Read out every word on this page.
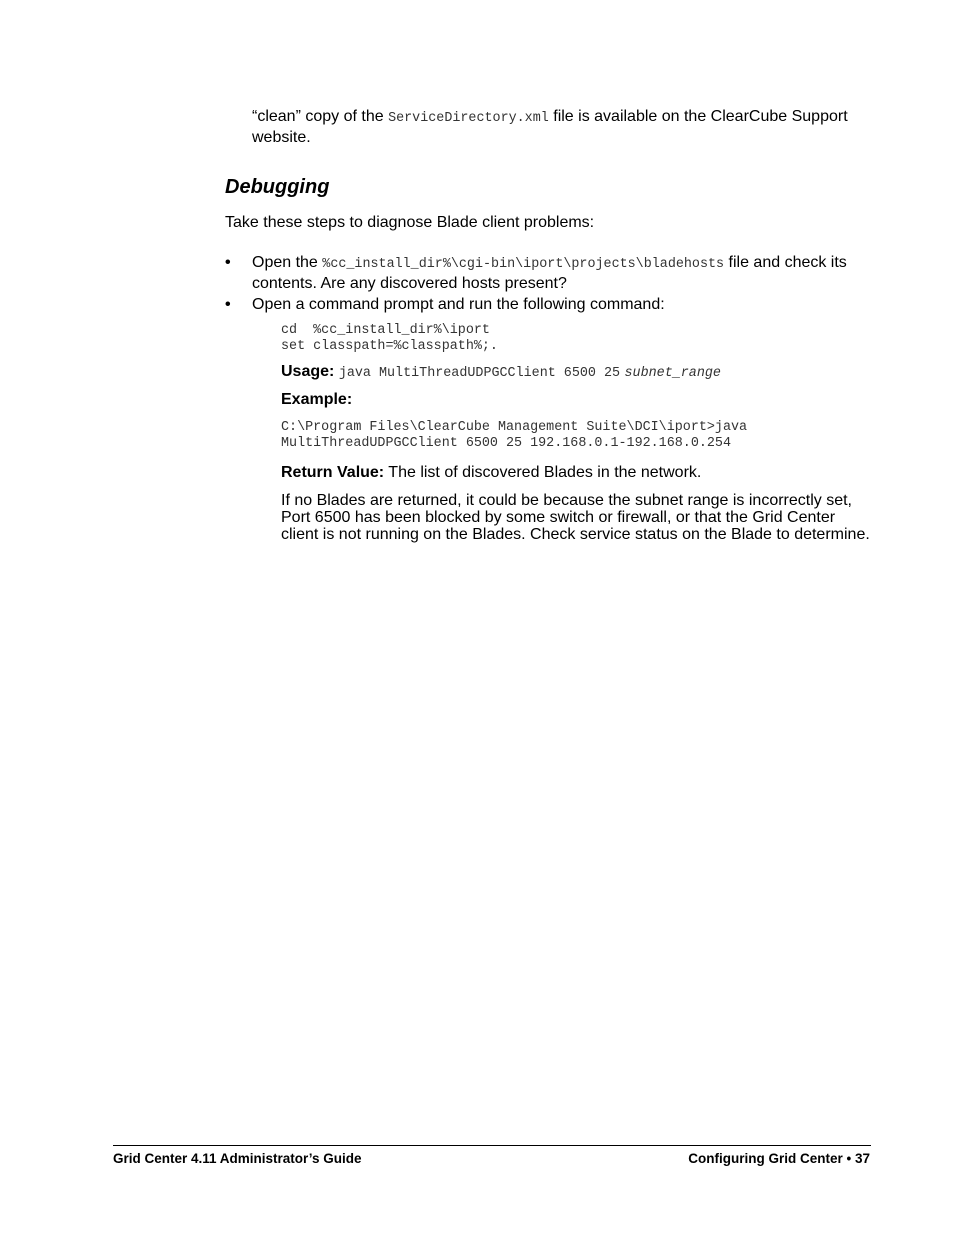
“clean” copy of the ServiceDirectory.xml file is available on the ClearCube Support website.

Debugging

Take these steps to diagnose Blade client problems:

• Open the %cc_install_dir%\cgi-bin\iport\projects\bladehosts file and check its contents. Are any discovered hosts present?
• Open a command prompt and run the following command:
cd  %cc_install_dir%\iport
set classpath=%classpath%;.
Usage: java MultiThreadUDPGCClient 6500 25 subnet_range
Example:
C:\Program Files\ClearCube Management Suite\DCI\iport>java
MultiThreadUDPGCClient 6500 25 192.168.0.1-192.168.0.254
Return Value: The list of discovered Blades in the network.

If no Blades are returned, it could be because the subnet range is incorrectly set, Port 6500 has been blocked by some switch or firewall, or that the Grid Center client is not running on the Blades. Check service status on the Blade to determine.

Grid Center 4.11 Administrator’s Guide	Configuring Grid Center • 37
